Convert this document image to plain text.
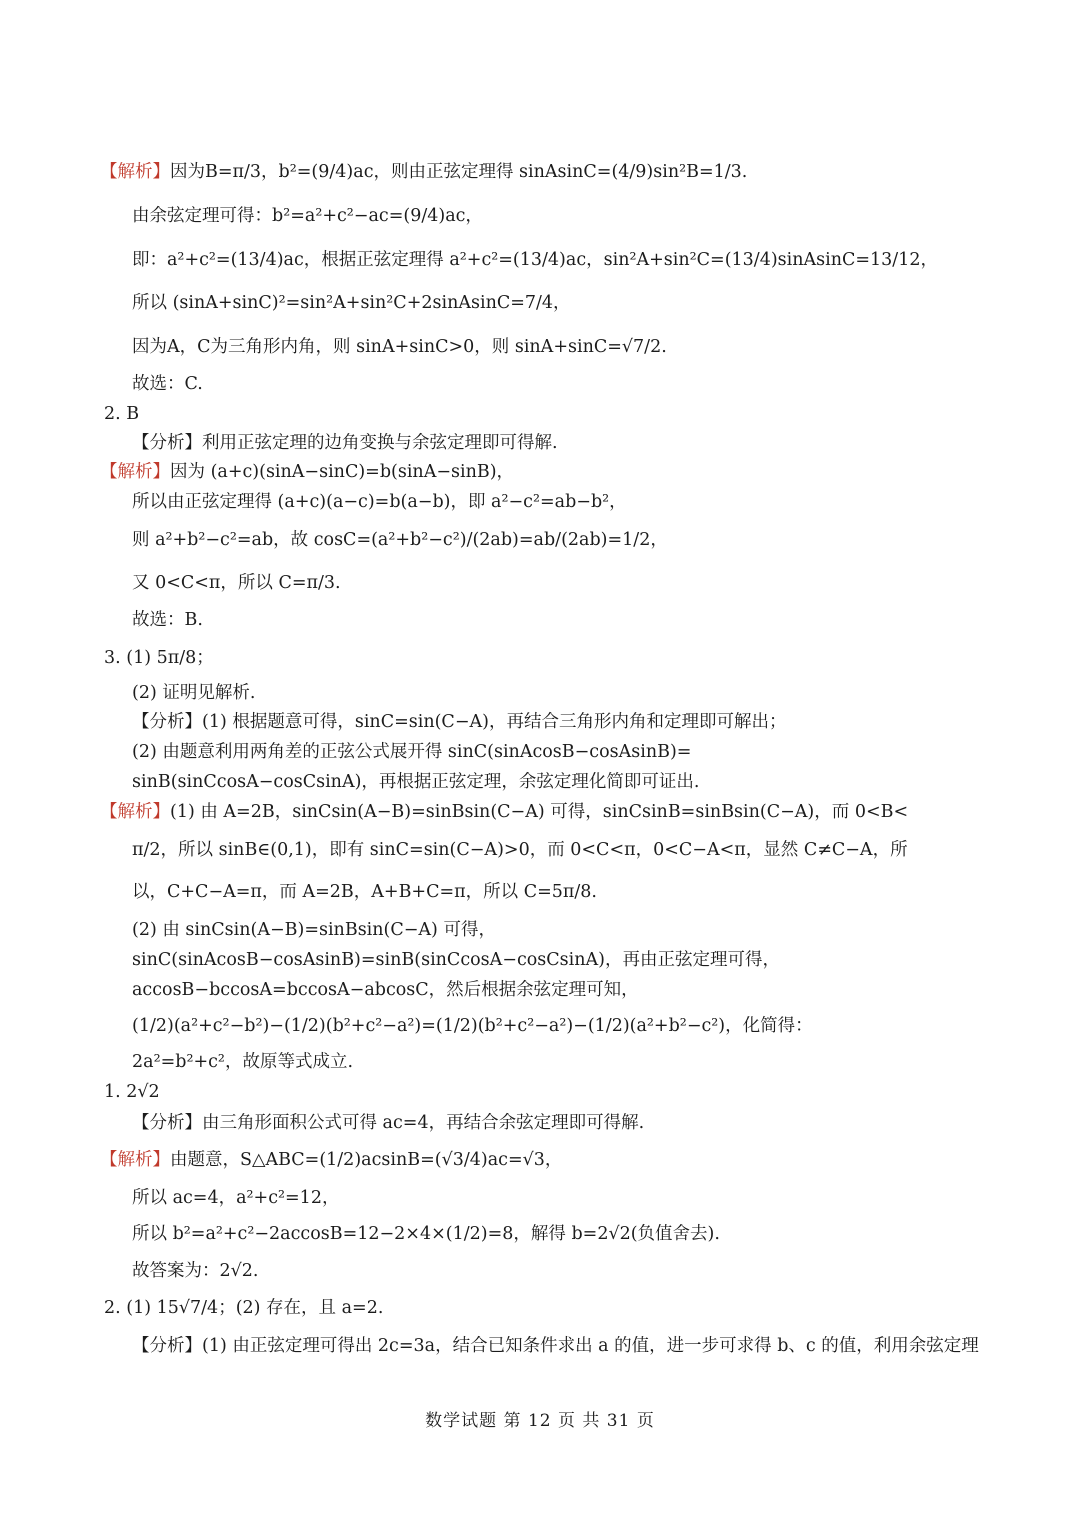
【解析】因为B=π/3，b²=(9/4)ac，则由正弦定理得 sinAsinC=(4/9)sin²B=1/3.
由余弦定理可得：b²=a²+c²−ac=(9/4)ac，
即：a²+c²=(13/4)ac，根据正弦定理得 a²+c²=(13/4)ac，sin²A+sin²C=(13/4)sinAsinC=13/12，
所以 (sinA+sinC)²=sin²A+sin²C+2sinAsinC=7/4，
因为A，C为三角形内角，则 sinA+sinC>0，则 sinA+sinC=√7/2.
故选：C.
2. B
【分析】利用正弦定理的边角变换与余弦定理即可得解.
【解析】因为 (a+c)(sinA−sinC)=b(sinA−sinB)，
所以由正弦定理得 (a+c)(a−c)=b(a−b)，即 a²−c²=ab−b²，
则 a²+b²−c²=ab，故 cosC=(a²+b²−c²)/(2ab)=ab/(2ab)=1/2，
又 0<C<π，所以 C=π/3.
故选：B.
3. (1) 5π/8；
(2) 证明见解析.
【分析】(1) 根据题意可得，sinC=sin(C−A)，再结合三角形内角和定理即可解出；
(2) 由题意利用两角差的正弦公式展开得 sinC(sinAcosB−cosAsinB)=
sinB(sinCcosA−cosCsinA)，再根据正弦定理，余弦定理化简即可证出.
【解析】(1) 由 A=2B，sinCsin(A−B)=sinBsin(C−A) 可得，sinCsinB=sinBsin(C−A)，而 0<B<
π/2，所以 sinB∈(0,1)，即有 sinC=sin(C−A)>0，而 0<C<π，0<C−A<π，显然 C≠C−A，所
以，C+C−A=π，而 A=2B，A+B+C=π，所以 C=5π/8.
(2) 由 sinCsin(A−B)=sinBsin(C−A) 可得，
sinC(sinAcosB−cosAsinB)=sinB(sinCcosA−cosCsinA)，再由正弦定理可得，
accosB−bccosA=bccosA−abcosC，然后根据余弦定理可知，
(1/2)(a²+c²−b²)−(1/2)(b²+c²−a²)=(1/2)(b²+c²−a²)−(1/2)(a²+b²−c²)，化简得：
2a²=b²+c²，故原等式成立.
1. 2√2
【分析】由三角形面积公式可得 ac=4，再结合余弦定理即可得解.
【解析】由题意，S△ABC=(1/2)acsinB=(√3/4)ac=√3，
所以 ac=4，a²+c²=12，
所以 b²=a²+c²−2accosB=12−2×4×(1/2)=8，解得 b=2√2(负值舍去).
故答案为：2√2.
2. (1) 15√7/4；(2) 存在，且 a=2.
【分析】(1) 由正弦定理可得出 2c=3a，结合已知条件求出 a 的值，进一步可求得 b、c 的值，利用余弦定理
数学试题 第 12 页 共 31 页
